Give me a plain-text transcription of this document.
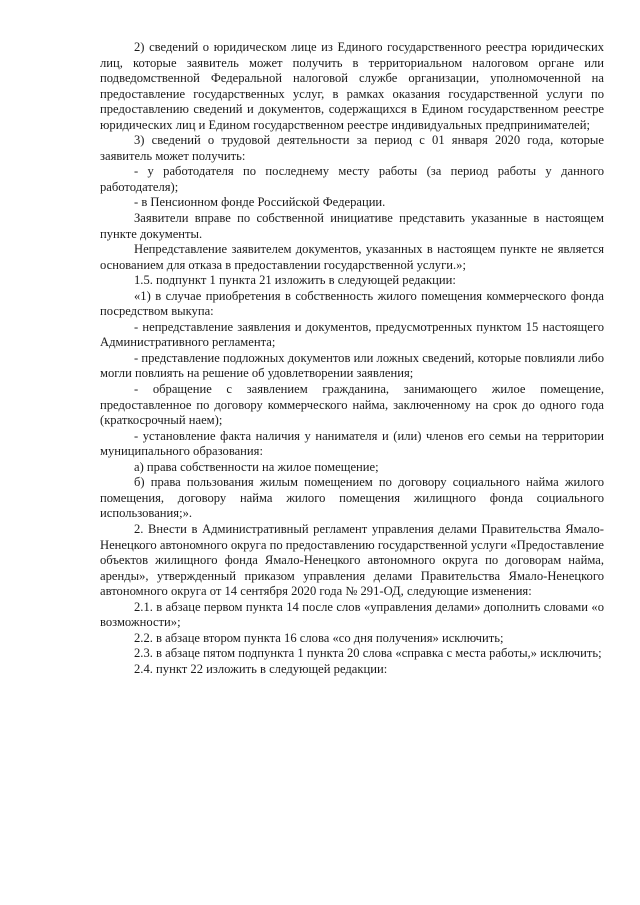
2) сведений о юридическом лице из Единого государственного реестра юридических лиц, которые заявитель может получить в территориальном налоговом органе или подведомственной Федеральной налоговой службе организации, уполномоченной на предоставление государственных услуг, в рамках оказания государственной услуги по предоставлению сведений и документов, содержащихся в Едином государственном реестре юридических лиц и Едином государственном реестре индивидуальных предпринимателей;

3) сведений о трудовой деятельности за период с 01 января 2020 года, которые заявитель может получить:

- у работодателя по последнему месту работы (за период работы у данного работодателя);

- в Пенсионном фонде Российской Федерации.

Заявители вправе по собственной инициативе представить указанные в настоящем пункте документы.

Непредставление заявителем документов, указанных в настоящем пункте не является основанием для отказа в предоставлении государственной услуги.»;

1.5. подпункт 1 пункта 21 изложить в следующей редакции:

«1) в случае приобретения в собственность жилого помещения коммерческого фонда посредством выкупа:

- непредставление заявления и документов, предусмотренных пунктом 15 настоящего Административного регламента;

- представление подложных документов или ложных сведений, которые повлияли либо могли повлиять на решение об удовлетворении заявления;

- обращение с заявлением гражданина, занимающего жилое помещение, предоставленное по договору коммерческого найма, заключенному на срок до одного года (краткосрочный наем);

- установление факта наличия у нанимателя и (или) членов его семьи на территории муниципального образования:

а) права собственности на жилое помещение;

б) права пользования жилым помещением по договору социального найма жилого помещения, договору найма жилого помещения жилищного фонда социального использования;».

2. Внести в Административный регламент управления делами Правительства Ямало-Ненецкого автономного округа по предоставлению государственной услуги «Предоставление объектов жилищного фонда Ямало-Ненецкого автономного округа по договорам найма, аренды», утвержденный приказом управления делами Правительства Ямало-Ненецкого автономного округа от 14 сентября 2020 года № 291-ОД, следующие изменения:

2.1. в абзаце первом пункта 14 после слов «управления делами» дополнить словами «о возможности»;

2.2. в абзаце втором пункта 16 слова «со дня получения» исключить;

2.3. в абзаце пятом подпункта 1 пункта 20 слова «справка с места работы,» исключить;

2.4. пункт 22 изложить в следующей редакции:
